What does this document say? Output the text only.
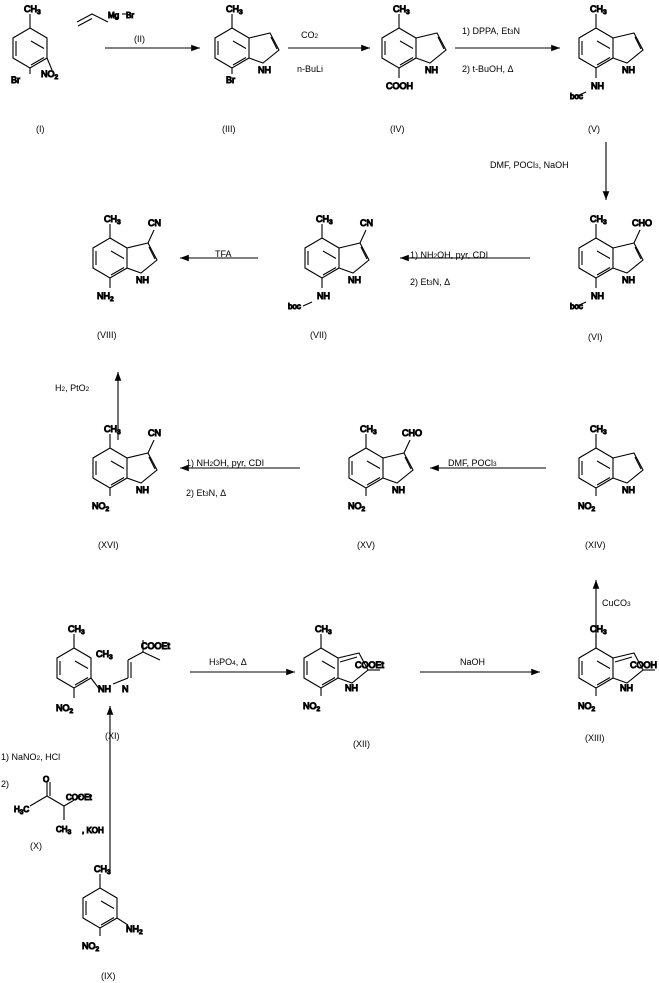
$CH_3$
Br
$NO_2$
Mg Br
$CH_3$
NH
Br
$CH_3$
NH
COOH
$CH_3$
NH
NH
boc
$CH_3$	CHO
NH
NH
boc
$CH_3$	CN
NH
NH
boc
$CH_3$	CN
NH
$NH_2$
$CH_3$
NH
$NO_2$
$CH_3$	CHO
NH
$NO_2$
$CH_3$	CN
NH
$NO_2$
$CH_3$
NH
$NO_2$
COOH
$CH_3$
NH
$NO_2$
COOEt
$CH_3$
NH
$NO_2$
N
$CH_3$
COOEt
$H_3C$
O
$CH_3$
COOEt
, KOH
$CH_3$
$NH_2$
$NO_2$
(I)	(III)	(IV)	(V)
(VI)
(VII)
(VIII)
(XIV)
(XV)
(XVI)
(IX)
(X)
(XI)
(XII)
(XIII)
(II)	CO2
n-BuLi
1) DPPA, Et3N
2) t-BuOH, Δ
DMF, POCl3, NaOH
1) NH2OH, pyr, CDI
2) Et3N, Δ
TFA
H2, PtO2
1) NH2OH, pyr, CDI
2) Et3N, Δ
DMF, POCl3
CuCO3
H3PO4, Δ	NaOH
1) NaNO2, HCl
2)
